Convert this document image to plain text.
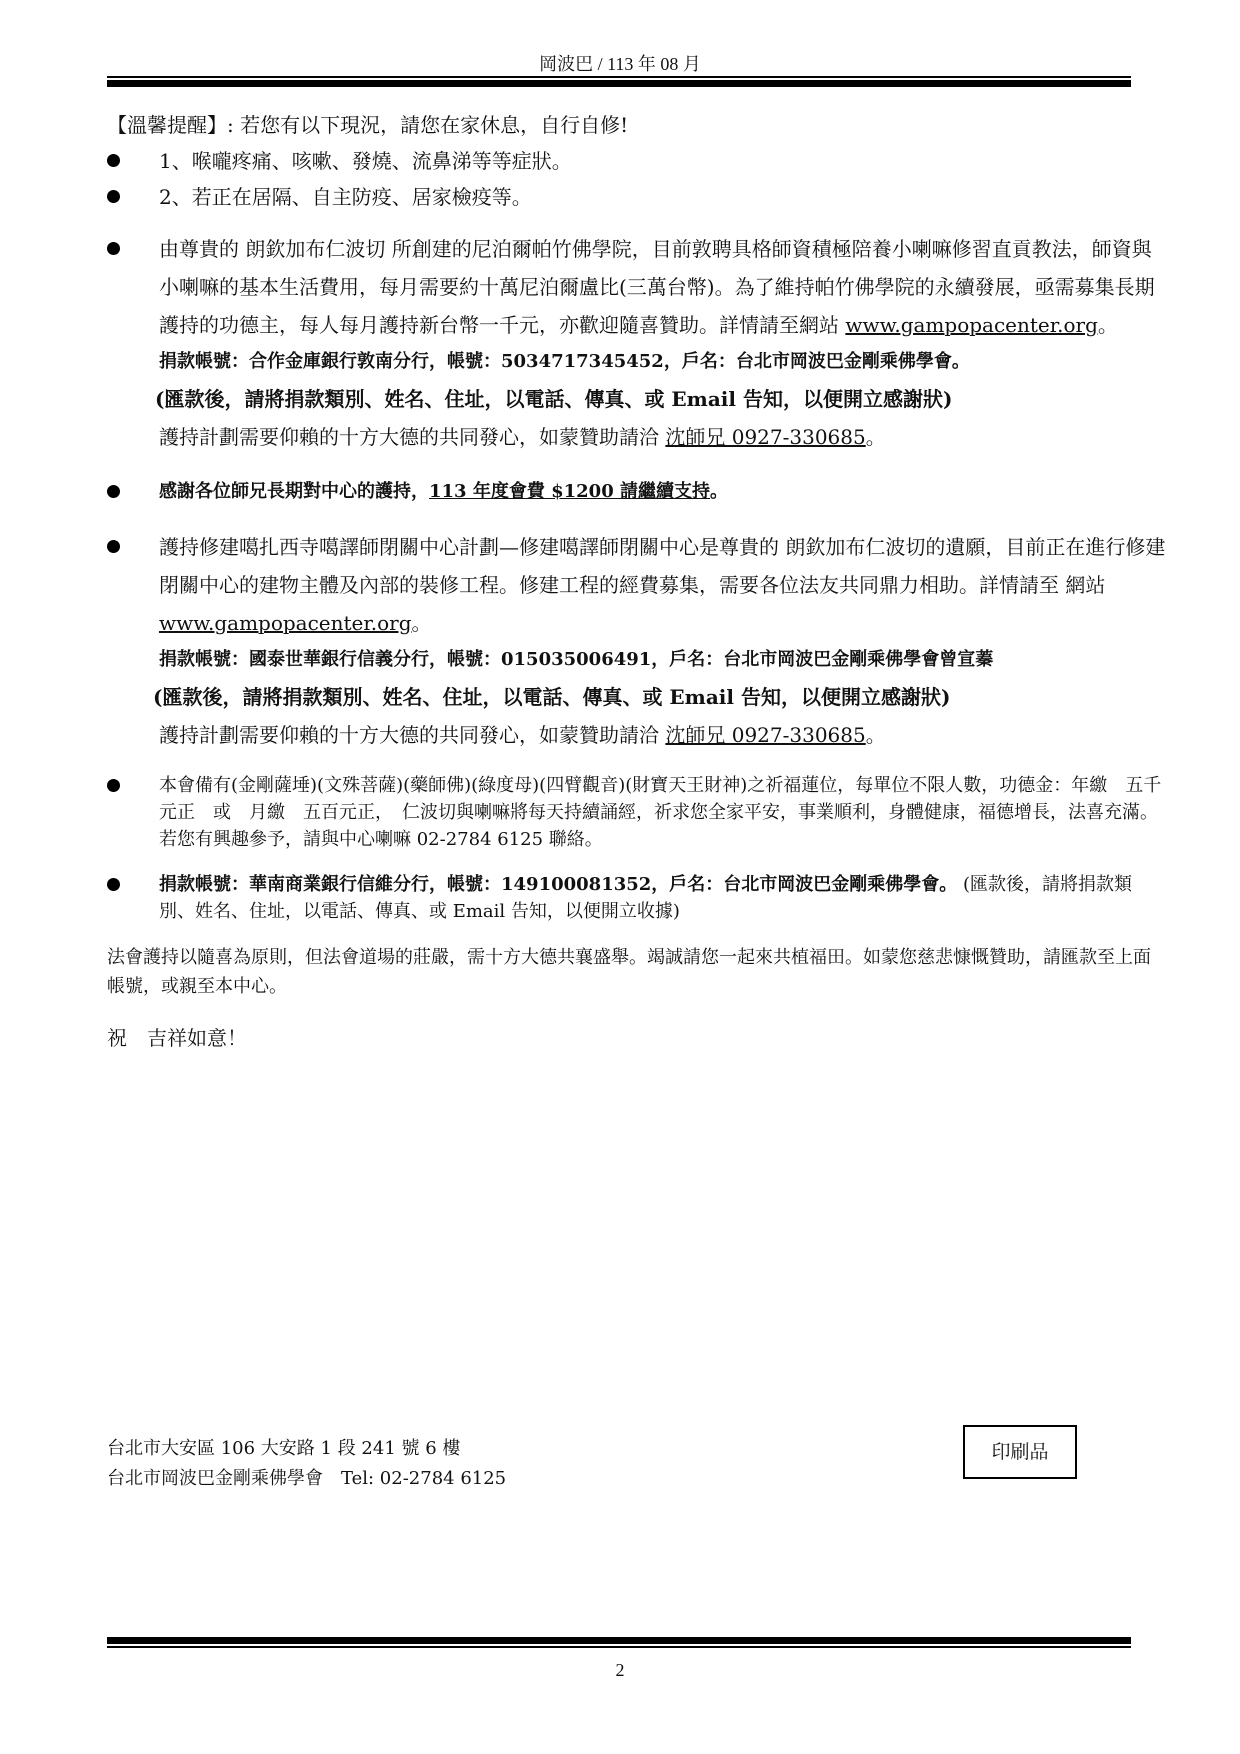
岡波巴 / 113 年 08 月

【溫馨提醒】: 若您有以下現況，請您在家休息，自行自修!

1、喉嚨疼痛、咳嗽、發燒、流鼻涕等等症狀。
2、若正在居隔、自主防疫、居家檢疫等。

由尊貴的 朗欽加布仁波切 所創建的尼泊爾帕竹佛學院，目前敦聘具格師資積極陪養小喇嘛修習直貢教法，師資與小喇嘛的基本生活費用，每月需要約十萬尼泊爾盧比(三萬台幣)。為了維持帕竹佛學院的永續發展，亟需募集長期護持的功德主，每人每月護持新台幣一千元，亦歡迎隨喜贊助。詳情請至網站 www.gampopacenter.org。

捐款帳號：合作金庫銀行敦南分行，帳號：5034717345452，戶名：台北市岡波巴金剛乘佛學會。

(匯款後，請將捐款類別、姓名、住址，以電話、傳真、或 Email 告知，以便開立感謝狀)

護持計劃需要仰賴的十方大德的共同發心，如蒙贊助請洽 沈師兄 0927-330685。

感謝各位師兄長期對中心的護持，113 年度會費 $1200 請繼續支持。

護持修建噶扎西寺噶譯師閉關中心計劃—修建噶譯師閉關中心是尊貴的 朗欽加布仁波切的遺願，目前正在進行修建閉關中心的建物主體及內部的裝修工程。修建工程的經費募集，需要各位法友共同鼎力相助。詳情請至 網站 www.gampopacenter.org。

捐款帳號：國泰世華銀行信義分行，帳號：015035006491，戶名：台北市岡波巴金剛乘佛學會曾宣蓁

(匯款後，請將捐款類別、姓名、住址，以電話、傳真、或 Email 告知，以便開立感謝狀)

護持計劃需要仰賴的十方大德的共同發心，如蒙贊助請洽 沈師兄 0927-330685。

本會備有(金剛薩埵)(文殊菩薩)(藥師佛)(綠度母)(四臂觀音)(財寶天王財神)之祈福蓮位，每單位不限人數，功德金：年繳　五千元正　或　月繳　五百元正，　仁波切與喇嘛將每天持續誦經，祈求您全家平安，事業順利，身體健康，福德增長，法喜充滿。若您有興趣參予，請與中心喇嘛 02-2784 6125 聯絡。

捐款帳號：華南商業銀行信維分行，帳號：149100081352，戶名：台北市岡波巴金剛乘佛學會。 (匯款後，請將捐款類別、姓名、住址，以電話、傳真、或 Email 告知，以便開立收據)

法會護持以隨喜為原則，但法會道場的莊嚴，需十方大德共襄盛舉。竭誠請您一起來共植福田。如蒙您慈悲慷慨贊助，請匯款至上面帳號，或親至本中心。

祝　吉祥如意！

台北市大安區 106 大安路 1 段 241 號 6 樓
台北市岡波巴金剛乘佛學會　Tel: 02-2784 6125
印刷品
2
